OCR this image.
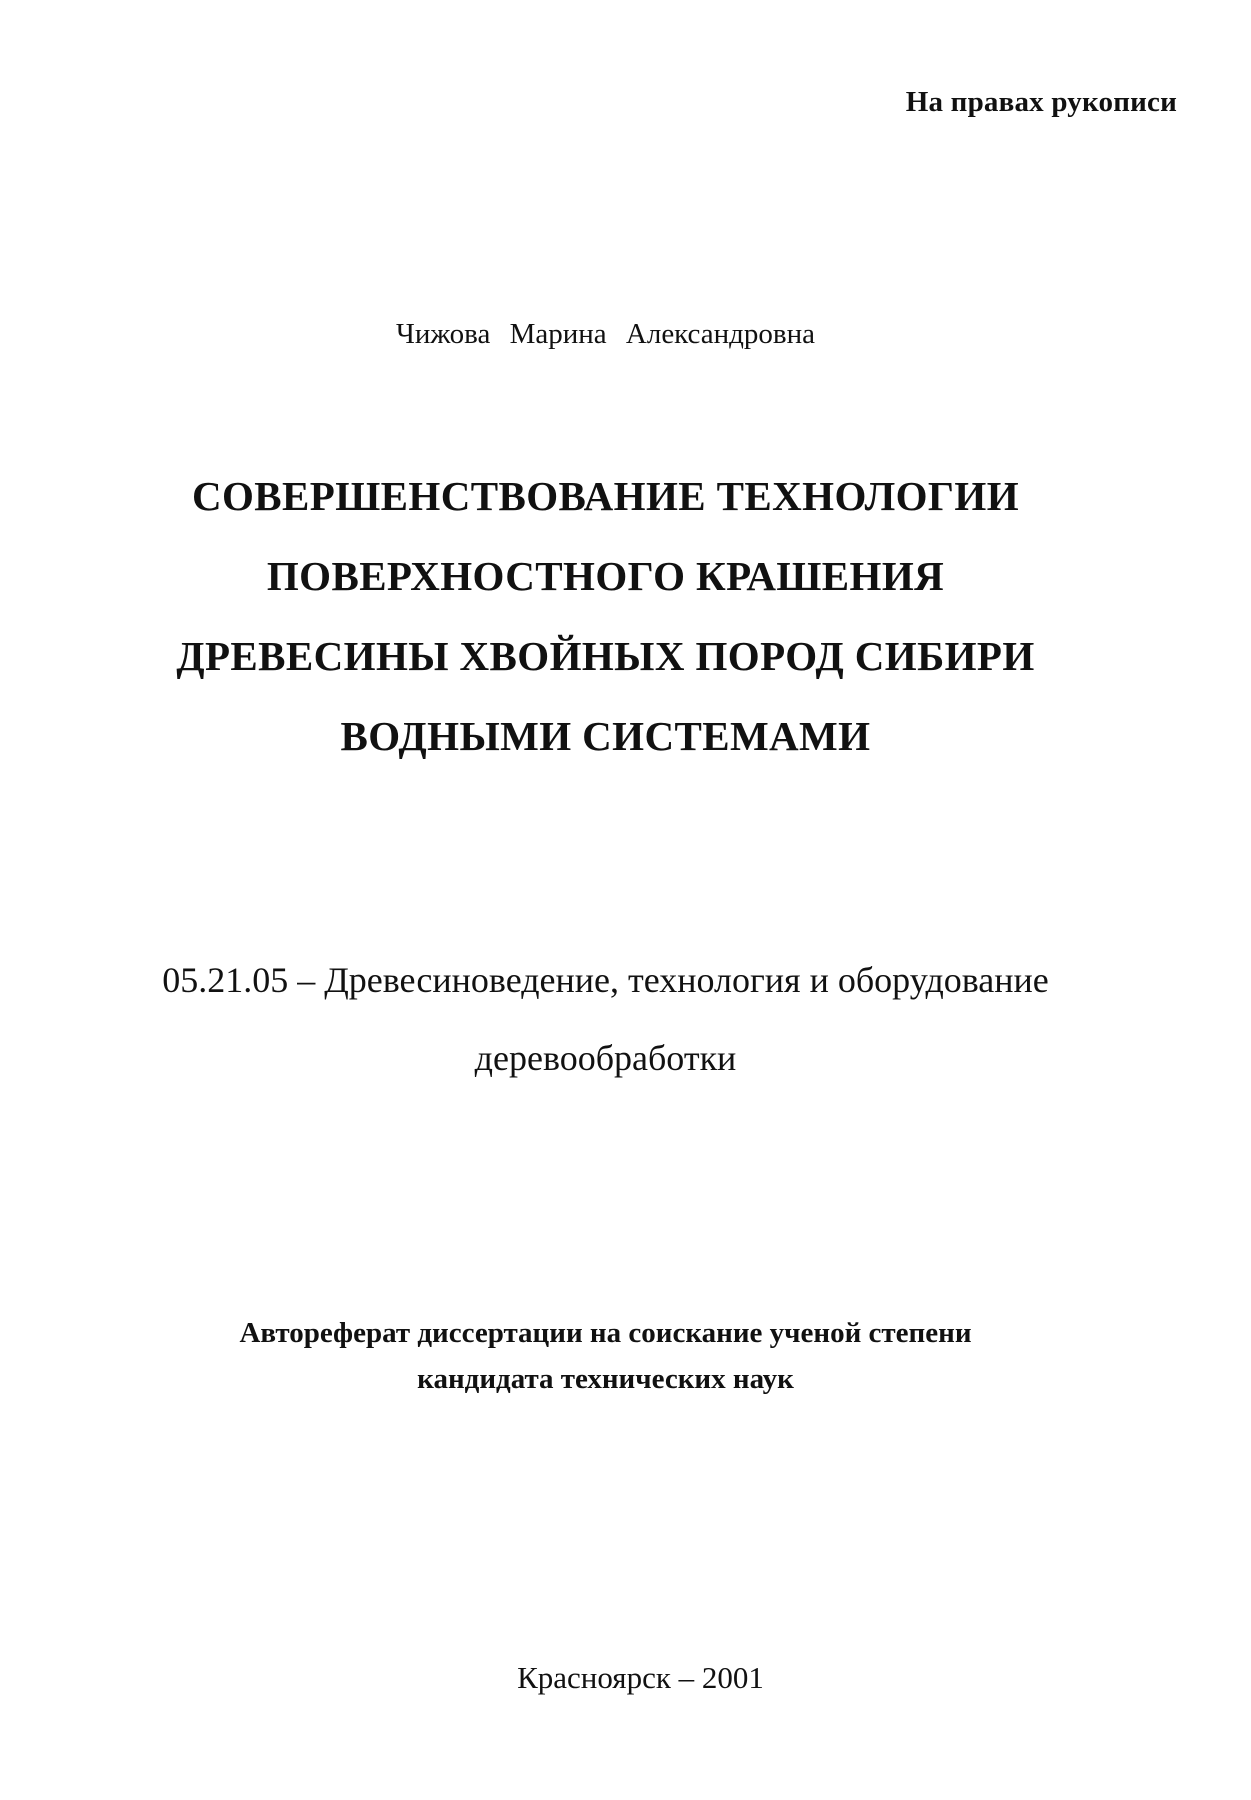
На правах рукописи

Чижова Марина Александровна

СОВЕРШЕНСТВОВАНИЕ ТЕХНОЛОГИИ

ПОВЕРХНОСТНОГО КРАШЕНИЯ

ДРЕВЕСИНЫ ХВОЙНЫХ ПОРОД СИБИРИ

ВОДНЫМИ СИСТЕМАМИ

05.21.05 – Древесиноведение, технология и оборудование

деревообработки

Автореферат диссертации на соискание ученой степени

кандидата технических наук

Красноярск – 2001
